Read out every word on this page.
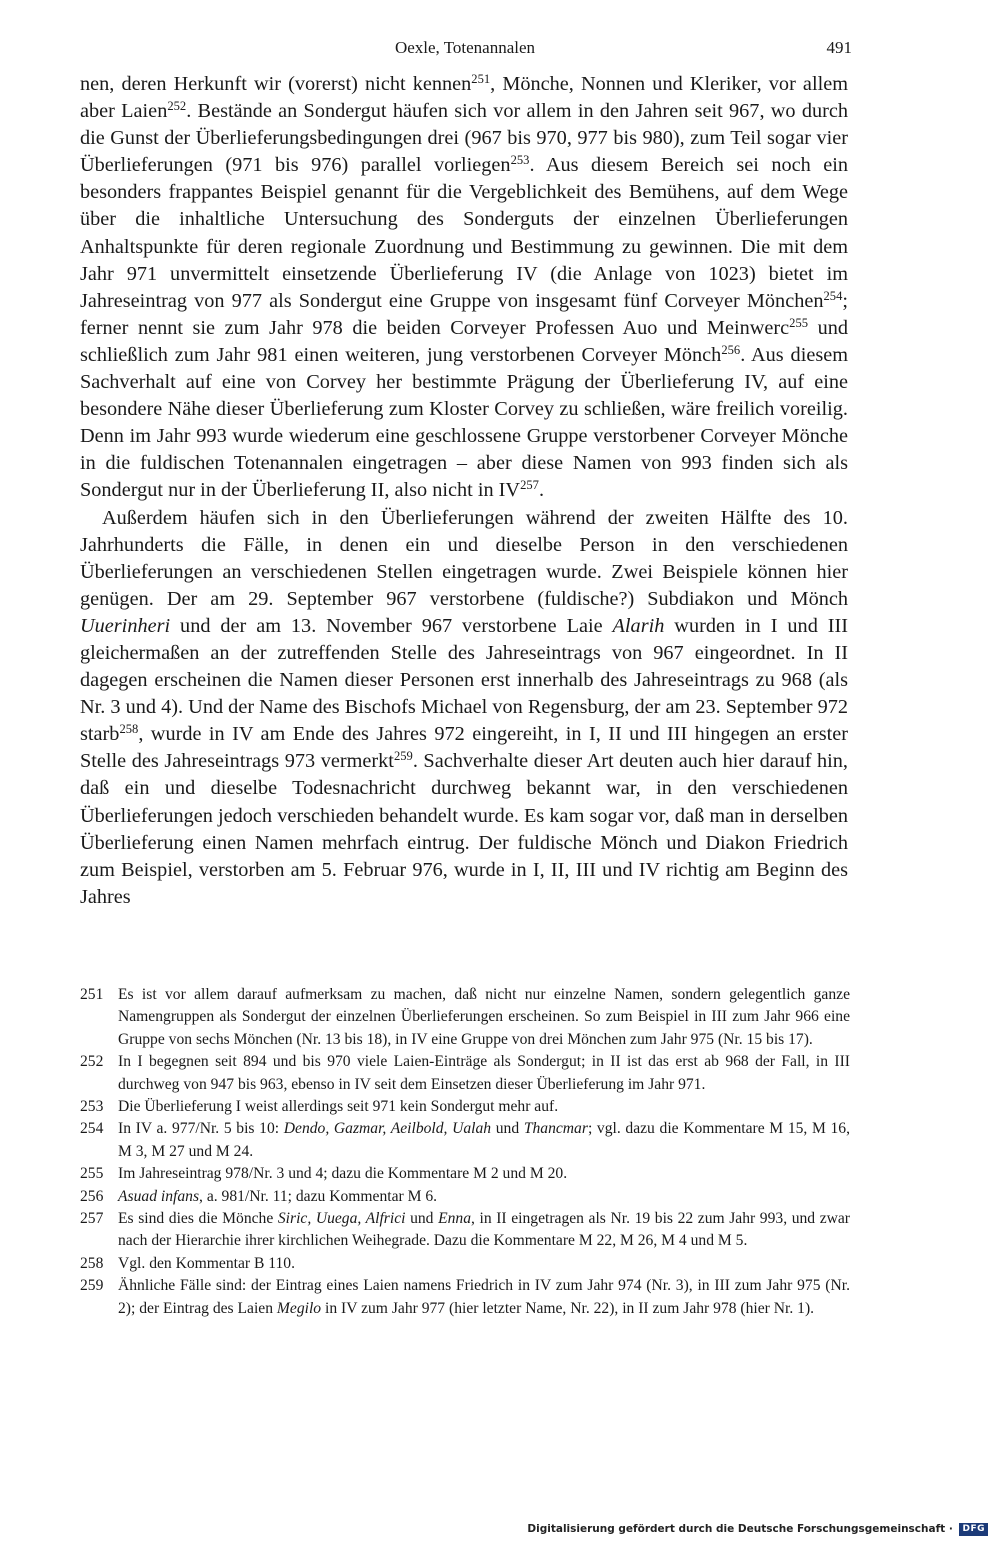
Oexle, Totenannalen	491

nen, deren Herkunft wir (vorerst) nicht kennen$^{251}$, Mönche, Nonnen und Kleriker, vor allem aber Laien$^{252}$. Bestände an Sondergut häufen sich vor allem in den Jahren seit 967, wo durch die Gunst der Überlieferungsbedingungen drei (967 bis 970, 977 bis 980), zum Teil sogar vier Überlieferungen (971 bis 976) parallel vorliegen$^{253}$. Aus diesem Bereich sei noch ein besonders frappantes Beispiel genannt für die Vergeblichkeit des Bemühens, auf dem Wege über die inhaltliche Untersuchung des Sonderguts der einzelnen Überlieferungen Anhaltspunkte für deren regionale Zuordnung und Bestimmung zu gewinnen. Die mit dem Jahr 971 unvermittelt einsetzende Überlieferung IV (die Anlage von 1023) bietet im Jahreseintrag von 977 als Sondergut eine Gruppe von insgesamt fünf Corveyer Mönchen$^{254}$; ferner nennt sie zum Jahr 978 die beiden Corveyer Professen Auo und Meinwerc$^{255}$ und schließlich zum Jahr 981 einen weiteren, jung verstorbenen Corveyer Mönch$^{256}$. Aus diesem Sachverhalt auf eine von Corvey her bestimmte Prägung der Überlieferung IV, auf eine besondere Nähe dieser Überlieferung zum Kloster Corvey zu schließen, wäre freilich voreilig. Denn im Jahr 993 wurde wiederum eine geschlossene Gruppe verstorbener Corveyer Mönche in die fuldischen Totenannalen eingetragen – aber diese Namen von 993 finden sich als Sondergut nur in der Überlieferung II, also nicht in IV$^{257}$.

Außerdem häufen sich in den Überlieferungen während der zweiten Hälfte des 10. Jahrhunderts die Fälle, in denen ein und dieselbe Person in den verschiedenen Überlieferungen an verschiedenen Stellen eingetragen wurde. Zwei Beispiele können hier genügen. Der am 29. September 967 verstorbene (fuldische?) Subdiakon und Mönch Uuerinheri und der am 13. November 967 verstorbene Laie Alarih wurden in I und III gleichermaßen an der zutreffenden Stelle des Jahreseintrags von 967 eingeordnet. In II dagegen erscheinen die Namen dieser Personen erst innerhalb des Jahreseintrags zu 968 (als Nr. 3 und 4). Und der Name des Bischofs Michael von Regensburg, der am 23. September 972 starb$^{258}$, wurde in IV am Ende des Jahres 972 eingereiht, in I, II und III hingegen an erster Stelle des Jahreseintrags 973 vermerkt$^{259}$. Sachverhalte dieser Art deuten auch hier darauf hin, daß ein und dieselbe Todesnachricht durchweg bekannt war, in den verschiedenen Überlieferungen jedoch verschieden behandelt wurde. Es kam sogar vor, daß man in derselben Überlieferung einen Namen mehrfach eintrug. Der fuldische Mönch und Diakon Friedrich zum Beispiel, verstorben am 5. Februar 976, wurde in I, II, III und IV richtig am Beginn des Jahres

251 Es ist vor allem darauf aufmerksam zu machen, daß nicht nur einzelne Namen, sondern gelegentlich ganze Namengruppen als Sondergut der einzelnen Überlieferungen erscheinen. So zum Beispiel in III zum Jahr 966 eine Gruppe von sechs Mönchen (Nr. 13 bis 18), in IV eine Gruppe von drei Mönchen zum Jahr 975 (Nr. 15 bis 17).

252 In I begegnen seit 894 und bis 970 viele Laien-Einträge als Sondergut; in II ist das erst ab 968 der Fall, in III durchweg von 947 bis 963, ebenso in IV seit dem Einsetzen dieser Überlieferung im Jahr 971.

253 Die Überlieferung I weist allerdings seit 971 kein Sondergut mehr auf.

254 In IV a. 977/Nr. 5 bis 10: Dendo, Gazmar, Aeilbold, Ualah und Thancmar; vgl. dazu die Kommentare M 15, M 16, M 3, M 27 und M 24.

255 Im Jahreseintrag 978/Nr. 3 und 4; dazu die Kommentare M 2 und M 20.

256 Asuad infans, a. 981/Nr. 11; dazu Kommentar M 6.

257 Es sind dies die Mönche Siric, Uuega, Alfrici und Enna, in II eingetragen als Nr. 19 bis 22 zum Jahr 993, und zwar nach der Hierarchie ihrer kirchlichen Weihegrade. Dazu die Kommentare M 22, M 26, M 4 und M 5.

258 Vgl. den Kommentar B 110.

259 Ähnliche Fälle sind: der Eintrag eines Laien namens Friedrich in IV zum Jahr 974 (Nr. 3), in III zum Jahr 975 (Nr. 2); der Eintrag des Laien Megilo in IV zum Jahr 977 (hier letzter Name, Nr. 22), in II zum Jahr 978 (hier Nr. 1).

Digitalisierung gefördert durch die Deutsche Forschungsgemeinschaft · DFG
